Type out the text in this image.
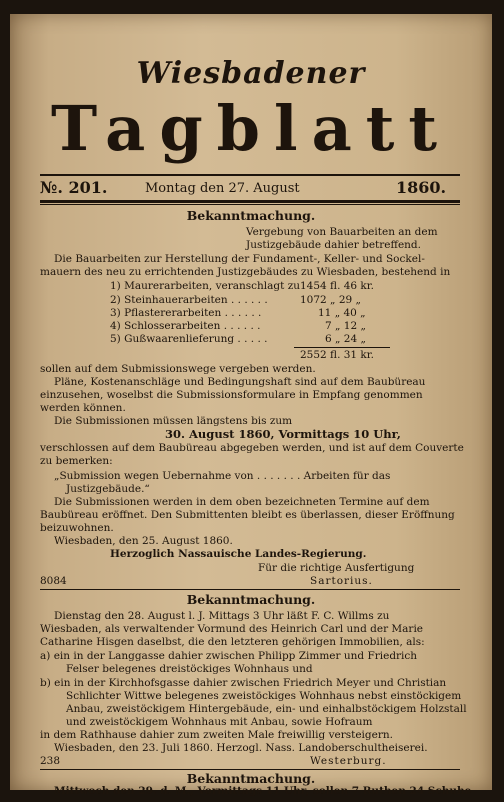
Wiesbadener
Tagblatt
№. 201.	Montag den 27. August	1860.
Bekanntmachung.
Vergebung von Bauarbeiten an dem
Justizgebäude dahier betreffend.
Die Bauarbeiten zur Herstellung der Fundament-, Keller- und Sockel-
mauern des neu zu errichtenden Justizgebäudes zu Wiesbaden, bestehend in
1) Maurerarbeiten, veranschlagt zu 1454 fl. 46 kr.
2) Steinhauerarbeiten . . . . . .	1072 „ 29 „
3) Pflastererarbeiten . . . . . .	11 „ 40 „
4) Schlosserarbeiten . . . . . .	7 „ 12 „
5) Gußwaarenlieferung . . . . .	6 „ 24 „
2552 fl. 31 kr.
sollen auf dem Submissionswege vergeben werden.
Pläne, Kostenanschläge und Bedingungshaft sind auf dem Baubüreau
einzusehen, woselbst die Submissionsformulare in Empfang genommen
werden können.
Die Submissionen müssen längstens bis zum
30. August 1860, Vormittags 10 Uhr,
verschlossen auf dem Baubüreau abgegeben werden, und ist auf dem Couverte
zu bemerken:
„Submission wegen Uebernahme von . . . . . . . Arbeiten für das
Justizgebäude.“
Die Submissionen werden in dem oben bezeichneten Termine auf dem
Baubüreau eröffnet. Den Submittenten bleibt es überlassen, dieser Eröffnung
beizuwohnen.
Wiesbaden, den 25. August 1860.
Herzoglich Nassauische Landes-Regierung.
Für die richtige Ausfertigung
8084	Sartorius.
Bekanntmachung.
Dienstag den 28. August l. J. Mittags 3 Uhr läßt F. C. Willms zu
Wiesbaden, als verwaltender Vormund des Heinrich Carl und der Marie
Catharine Hisgen daselbst, die den letzteren gehörigen Immobilien, als:
a) ein in der Langgasse dahier zwischen Philipp Zimmer und Friedrich
Felser belegenes dreistöckiges Wohnhaus und
b) ein in der Kirchhofsgasse dahier zwischen Friedrich Meyer und Christian
Schlichter Wittwe belegenes zweistöckiges Wohnhaus nebst einstöckigem
Anbau, zweistöckigem Hintergebäude, ein- und einhalbstöckigem Holzstall
und zweistöckigem Wohnhaus mit Anbau, sowie Hofraum
in dem Rathhause dahier zum zweiten Male freiwillig versteigern.
Wiesbaden, den 23. Juli 1860. Herzogl. Nass. Landoberschultheiserei.
238	Westerburg.
Bekanntmachung.
Mittwoch den 29. d. M., Vormittags 11 Uhr, sollen 7 Ruthen 24 Schuhe
